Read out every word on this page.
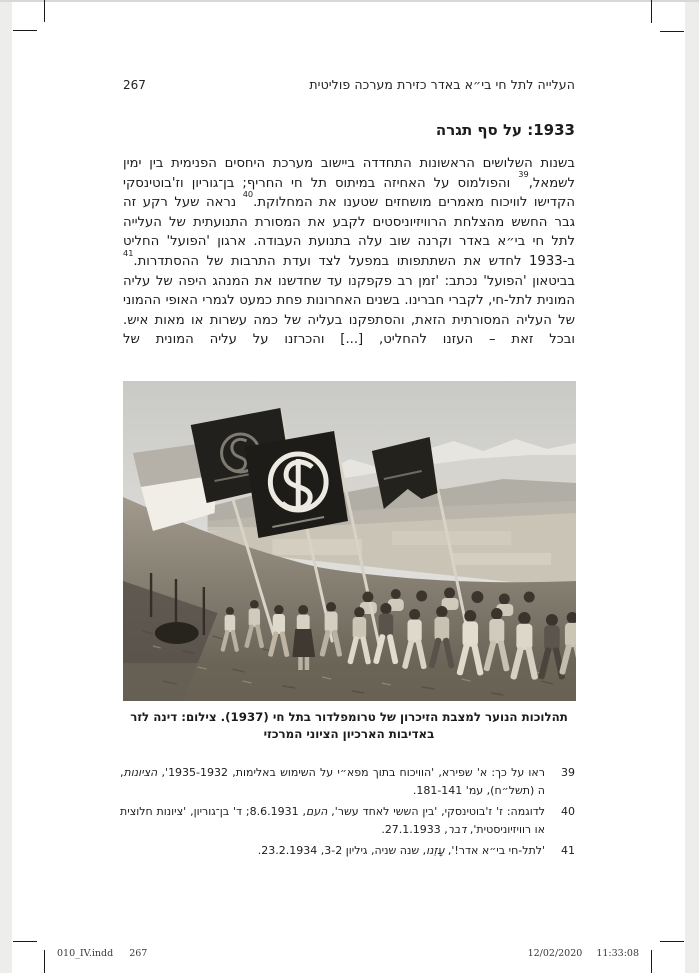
העלייה לתל חי בי״א באדר כזירת מערכה פוליטית
267
1933: על סף תגרה
בשנות השלושים הראשונות התחדדה ביישוב מערכת היחסים הפנימית בין ימין לשמאל,$^{39}$ והפולמוס על האחיזה במיתוס תל חי החריף; בן־גוריון וז'בוטינסקי הקדישו לוויכוח מאמרים מושחזים שטענו את המחלוקת.$^{40}$ נראה שעל רקע זה גבר החשש מהצלחת הרוויזיוניסטים לקבע את המסורת התנועתית של העלייה לתל חי בי״א באדר וקרנה שוב עלה בתנועת העבודה. ארגון 'הפועל' החליט ב-1933 לחדש את השתתפותו במפעל לצד ועדת התרבות של ההסתדרות.$^{41}$ בביטאון 'הפועל' נכתב: 'זמן רב פקפקנו עד שחדשנו את המנהג היפה של עליה המונית לתל-חי, לקברי חברינו. בשנים האחרונות פחת כמעט לגמרי האופי ההמוני של העליה המסורתית הזאת, והסתפקנו בעליה של כמה עשרות או מאות איש. ובכל זאת – העזנו להחליט, [...] והכרזנו על עליה המונית של
תהלוכות הנוער למצבת הזיכרון של טרומפלדור בתל חי (1937). צילום: דינה לזר
באדיבות הארכיון הציוני המרכזי
39
ראו על כך: א' שפירא, 'הוויכוח בתוך מפא״י על השימוש באלימות, 1935-1932', הציונות, ה (תשל״ח), עמ' 181-141.
40
לדוגמה: ז' ז'בוטינסקי, 'בין הששי לאחד עשר', העם, 8.6.1931; ד' בן־גוריון, 'ציונות חלוצית או רוויזיוניסטית', דבר, 27.1.1933.
41
'לתל-חי בי״א אדר!', עָזֵנו, שנה שניה, גיליון 3-2, 23.2.1934.
010_IV.indd 267	12/02/2020 11:33:08
